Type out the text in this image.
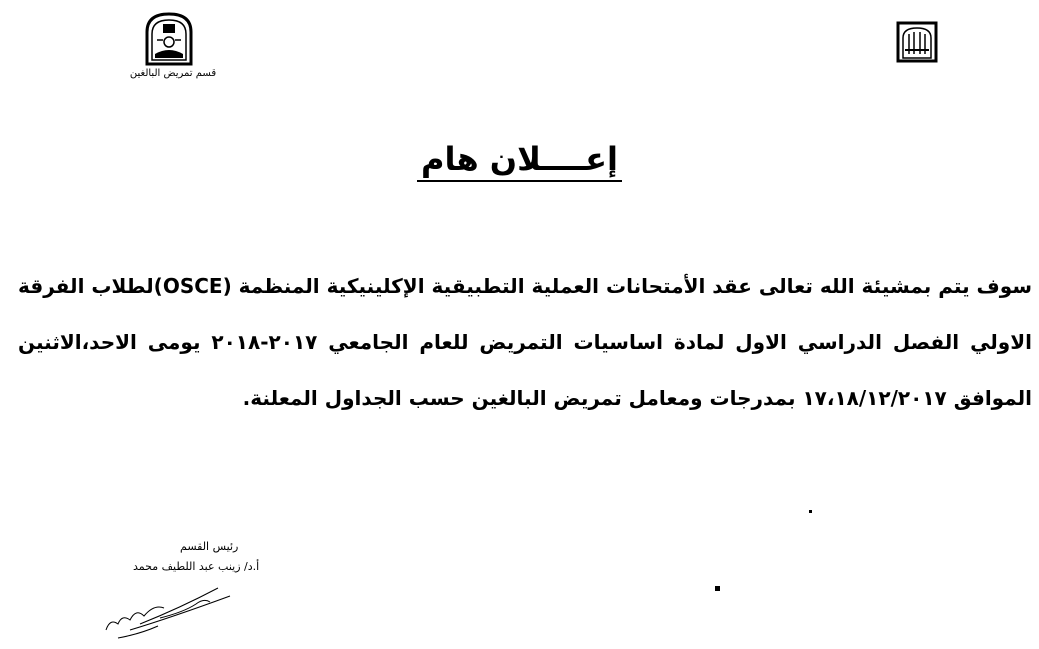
قسم تمريض البالغين
إعــــلان هام
سوف يتم بمشيئة الله تعالى عقد الأمتحانات العملية التطبيقية الإكلينيكية المنظمة (OSCE)لطلاب الفرقة الاولي الفصل الدراسي الاول لمادة اساسيات التمريض للعام الجامعي ٢٠١٧-٢٠١٨ يومى الاحد،الاثنين الموافق ١٧،١٨/١٢/٢٠١٧ بمدرجات ومعامل تمريض البالغين حسب الجداول المعلنة.
رئيس القسم
أ.د/ زينب عبد اللطيف محمد
